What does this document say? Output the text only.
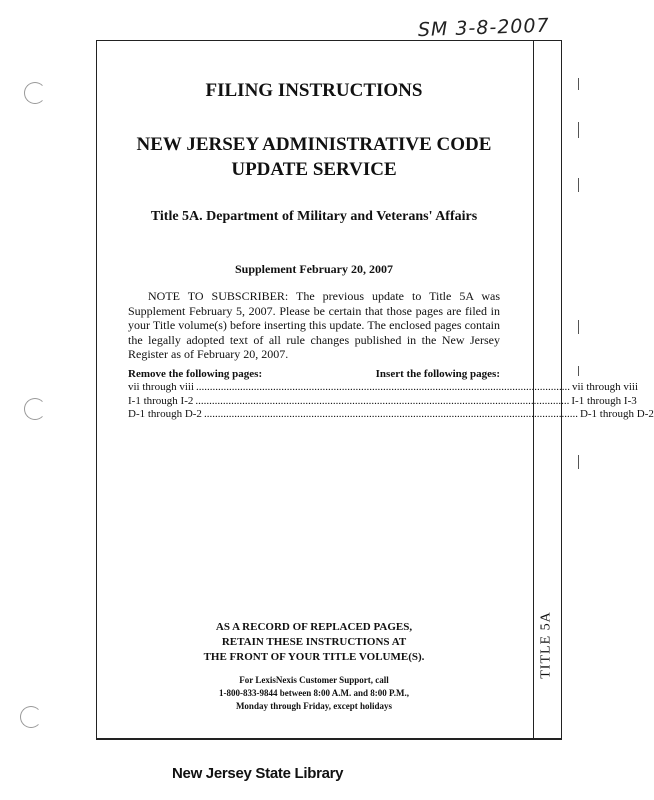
SM 3-8-2007
TITLE 5A
FILING INSTRUCTIONS
NEW JERSEY ADMINISTRATIVE CODE
UPDATE SERVICE
Title 5A. Department of Military and Veterans' Affairs
Supplement February 20, 2007
NOTE TO SUBSCRIBER: The previous update to Title 5A was Supplement February 5, 2007. Please be certain that those pages are filed in your Title volume(s) before inserting this update. The enclosed pages contain the legally adopted text of all rule changes published in the New Jersey Register as of February 20, 2007.
Remove the following pages:	Insert the following pages:
vii through viii ........................................................................................................................................ vii through viii
I-1 through I-2 ........................................................................................................................................ I-1 through I-3
D-1 through D-2 ........................................................................................................................................ D-1 through D-2
AS A RECORD OF REPLACED PAGES,
RETAIN THESE INSTRUCTIONS AT
THE FRONT OF YOUR TITLE VOLUME(S).
For LexisNexis Customer Support, call
1-800-833-9844 between 8:00 A.M. and 8:00 P.M.,
Monday through Friday, except holidays
New Jersey State Library
